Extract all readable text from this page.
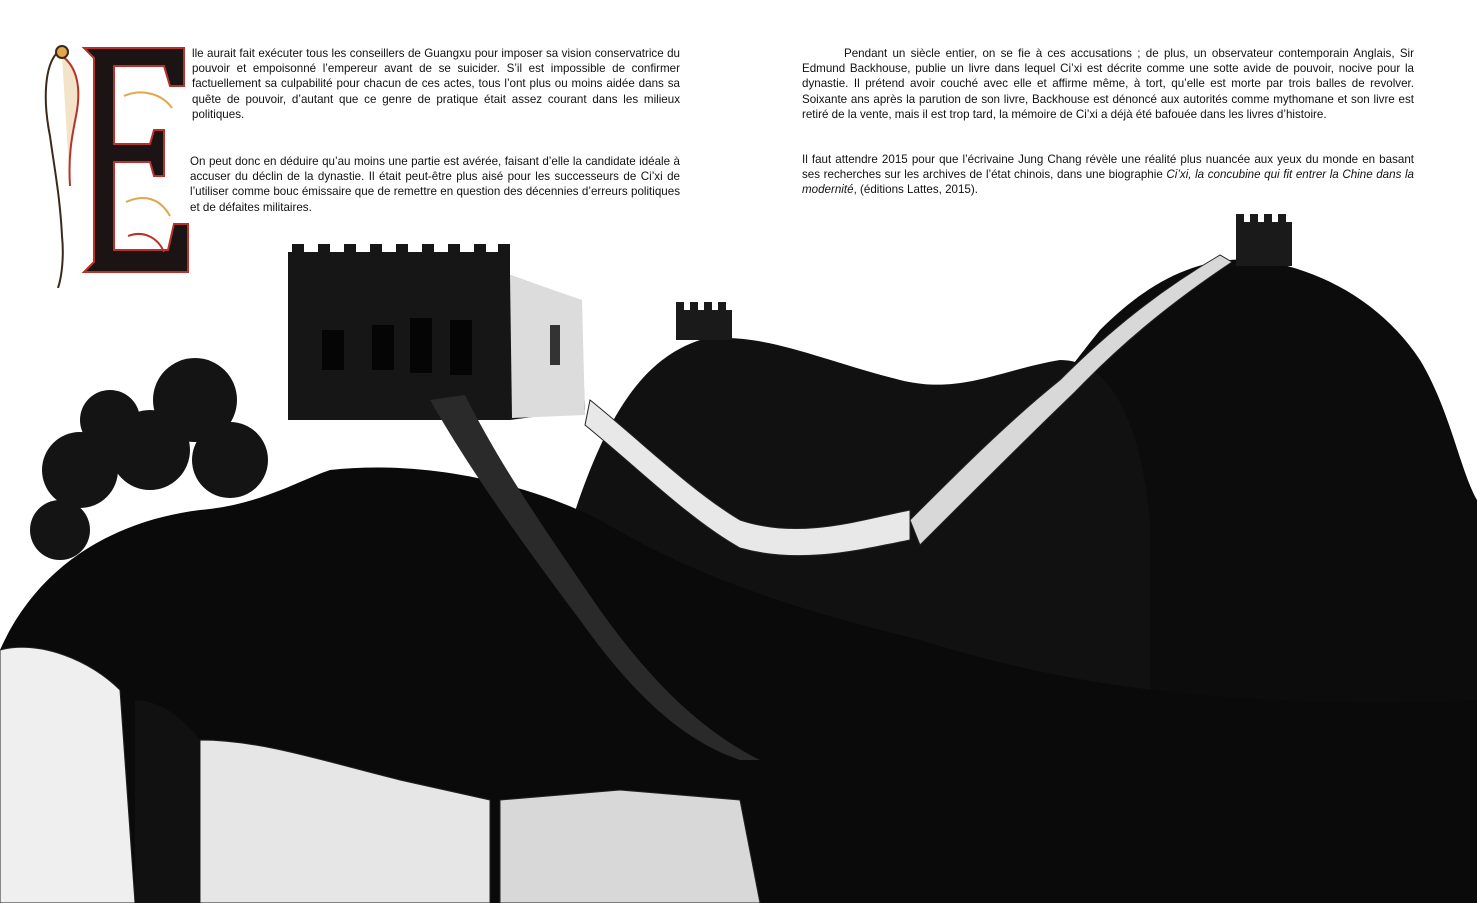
E

lle aurait fait exécuter tous les conseillers de Guangxu pour imposer sa vision conservatrice du pouvoir et empoisonné l’empereur avant de se suicider. S’il est impossible de confirmer factuellement sa culpabilité pour chacun de ces actes, tous l’ont plus ou moins aidée dans sa quête de pouvoir, d’autant que ce genre de pratique était assez courant dans les milieux politiques.

On peut donc en déduire qu’au moins une partie est avérée, faisant d’elle la candidate idéale à accuser du déclin de la dynastie. Il était peut-être plus aisé pour les successeurs de Ci’xi de l’utiliser comme bouc émissaire que de remettre en question des décennies d’erreurs politiques et de défaites militaires.

Pendant un siècle entier, on se fie à ces accusations ; de plus, un observateur contemporain Anglais, Sir Edmund Backhouse, publie un livre dans lequel Ci’xi est décrite comme une sotte avide de pouvoir, nocive pour la dynastie. Il prétend avoir couché avec elle et affirme même, à tort, qu’elle est morte par trois balles de revolver. Soixante ans après la parution de son livre, Backhouse est dénoncé aux autorités comme mythomane et son livre est retiré de la vente, mais il est trop tard, la mémoire de Ci’xi a déjà été bafouée dans les livres d’histoire.

Il faut attendre 2015 pour que l’écrivaine Jung Chang révèle une réalité plus nuancée aux yeux du monde en basant ses recherches sur les archives de l’état chinois, dans une biographie Ci’xi, la concubine qui fit entrer la Chine dans la modernité, (éditions Lattes, 2015).
